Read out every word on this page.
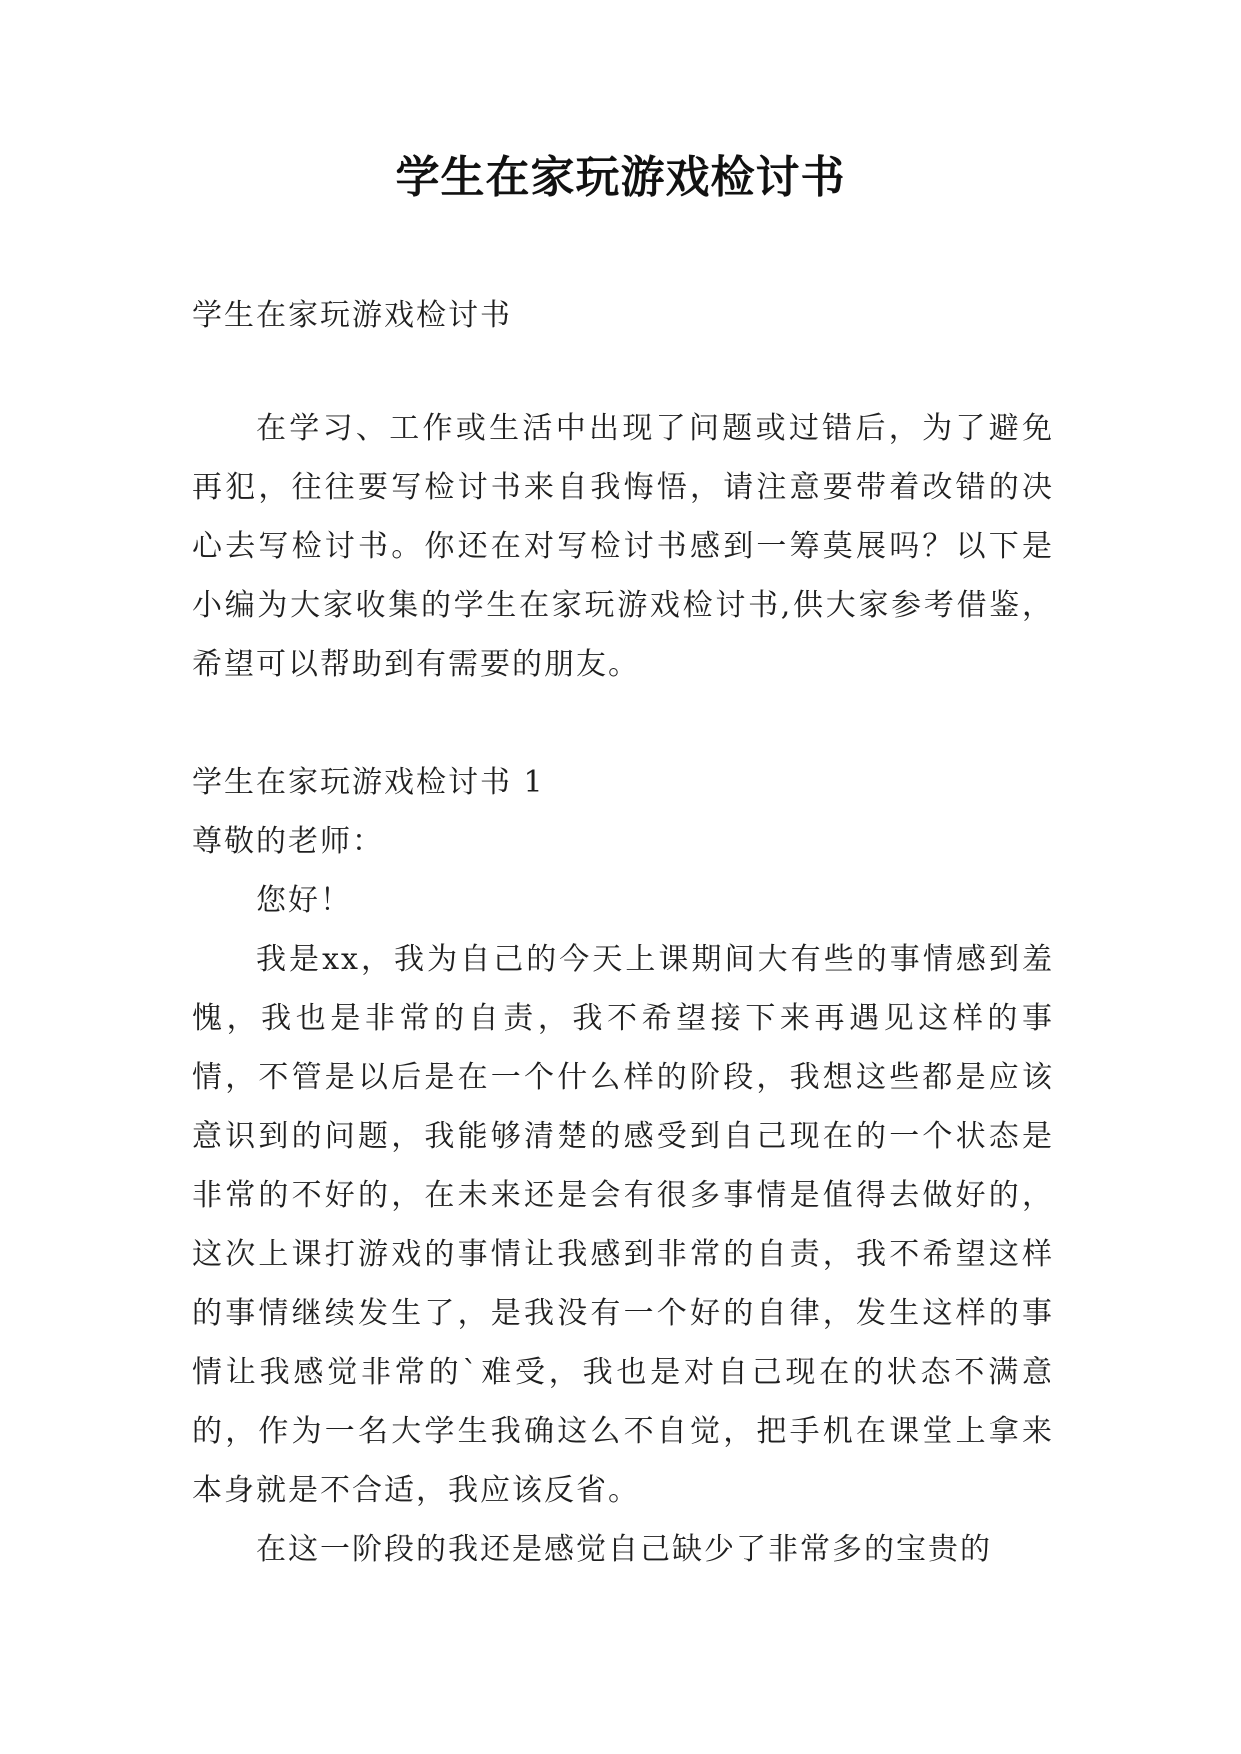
学生在家玩游戏检讨书

学生在家玩游戏检讨书

在学习、工作或生活中出现了问题或过错后，为了避免再犯，往往要写检讨书来自我悔悟，请注意要带着改错的决心去写检讨书。你还在对写检讨书感到一筹莫展吗？以下是小编为大家收集的学生在家玩游戏检讨书,供大家参考借鉴，希望可以帮助到有需要的朋友。

学生在家玩游戏检讨书 1

尊敬的老师：

您好！

我是xx，我为自己的今天上课期间大有些的事情感到羞愧，我也是非常的自责，我不希望接下来再遇见这样的事情，不管是以后是在一个什么样的阶段，我想这些都是应该意识到的问题，我能够清楚的感受到自己现在的一个状态是非常的不好的，在未来还是会有很多事情是值得去做好的，这次上课打游戏的事情让我感到非常的自责，我不希望这样的事情继续发生了，是我没有一个好的自律，发生这样的事情让我感觉非常的`难受，我也是对自己现在的状态不满意的，作为一名大学生我确这么不自觉，把手机在课堂上拿来本身就是不合适，我应该反省。

在这一阶段的我还是感觉自己缺少了非常多的宝贵的
